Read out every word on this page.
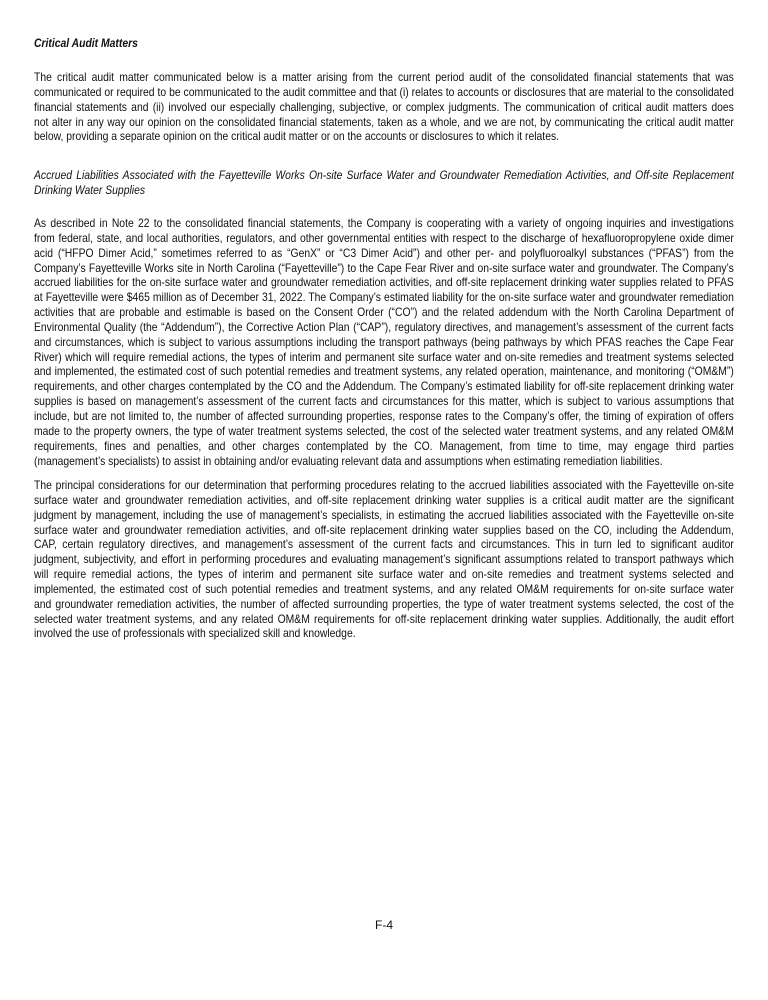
Critical Audit Matters
The critical audit matter communicated below is a matter arising from the current period audit of the consolidated financial statements that was
communicated or required to be communicated to the audit committee and that (i) relates to accounts or disclosures that are material to the consolidated
financial statements and (ii) involved our especially challenging, subjective, or complex judgments. The communication of critical audit matters does
not alter in any way our opinion on the consolidated financial statements, taken as a whole, and we are not, by communicating the critical audit matter
below, providing a separate opinion on the critical audit matter or on the accounts or disclosures to which it relates.
Accrued Liabilities Associated with the Fayetteville Works On-site Surface Water and Groundwater Remediation Activities, and Off-site Replacement
Drinking Water Supplies
As described in Note 22 to the consolidated financial statements, the Company is cooperating with a variety of ongoing inquiries and investigations
from federal, state, and local authorities, regulators, and other governmental entities with respect to the discharge of hexafluoropropylene oxide dimer
acid (“HFPO Dimer Acid,” sometimes referred to as “GenX” or “C3 Dimer Acid”) and other per- and polyfluoroalkyl substances (“PFAS”) from the
Company’s Fayetteville Works site in North Carolina (“Fayetteville”) to the Cape Fear River and on-site surface water and groundwater. The Company’s
accrued liabilities for the on-site surface water and groundwater remediation activities, and off-site replacement drinking water supplies related to PFAS
at Fayetteville were $465 million as of December 31, 2022. The Company’s estimated liability for the on-site surface water and groundwater remediation
activities that are probable and estimable is based on the Consent Order (“CO”) and the related addendum with the North Carolina Department of
Environmental Quality (the “Addendum”), the Corrective Action Plan (“CAP”), regulatory directives, and management’s assessment of the current facts
and circumstances, which is subject to various assumptions including the transport pathways (being pathways by which PFAS reaches the Cape Fear
River) which will require remedial actions, the types of interim and permanent site surface water and on-site remedies and treatment systems selected
and implemented, the estimated cost of such potential remedies and treatment systems, any related operation, maintenance, and monitoring (“OM&M”)
requirements, and other charges contemplated by the CO and the Addendum. The Company’s estimated liability for off-site replacement drinking water
supplies is based on management’s assessment of the current facts and circumstances for this matter, which is subject to various assumptions that
include, but are not limited to, the number of affected surrounding properties, response rates to the Company’s offer, the timing of expiration of offers
made to the property owners, the type of water treatment systems selected, the cost of the selected water treatment systems, and any related OM&M
requirements, fines and penalties, and other charges contemplated by the CO. Management, from time to time, may engage third parties
(management’s specialists) to assist in obtaining and/or evaluating relevant data and assumptions when estimating remediation liabilities.
The principal considerations for our determination that performing procedures relating to the accrued liabilities associated with the Fayetteville on-site
surface water and groundwater remediation activities, and off-site replacement drinking water supplies is a critical audit matter are the significant
judgment by management, including the use of management’s specialists, in estimating the accrued liabilities associated with the Fayetteville on-site
surface water and groundwater remediation activities, and off-site replacement drinking water supplies based on the CO, including the Addendum,
CAP, certain regulatory directives, and management’s assessment of the current facts and circumstances. This in turn led to significant auditor
judgment, subjectivity, and effort in performing procedures and evaluating management’s significant assumptions related to transport pathways which
will require remedial actions, the types of interim and permanent site surface water and on-site remedies and treatment systems selected and
implemented, the estimated cost of such potential remedies and treatment systems, and any related OM&M requirements for on-site surface water
and groundwater remediation activities, the number of affected surrounding properties, the type of water treatment systems selected, the cost of the
selected water treatment systems, and any related OM&M requirements for off-site replacement drinking water supplies. Additionally, the audit effort
involved the use of professionals with specialized skill and knowledge.
F-4
